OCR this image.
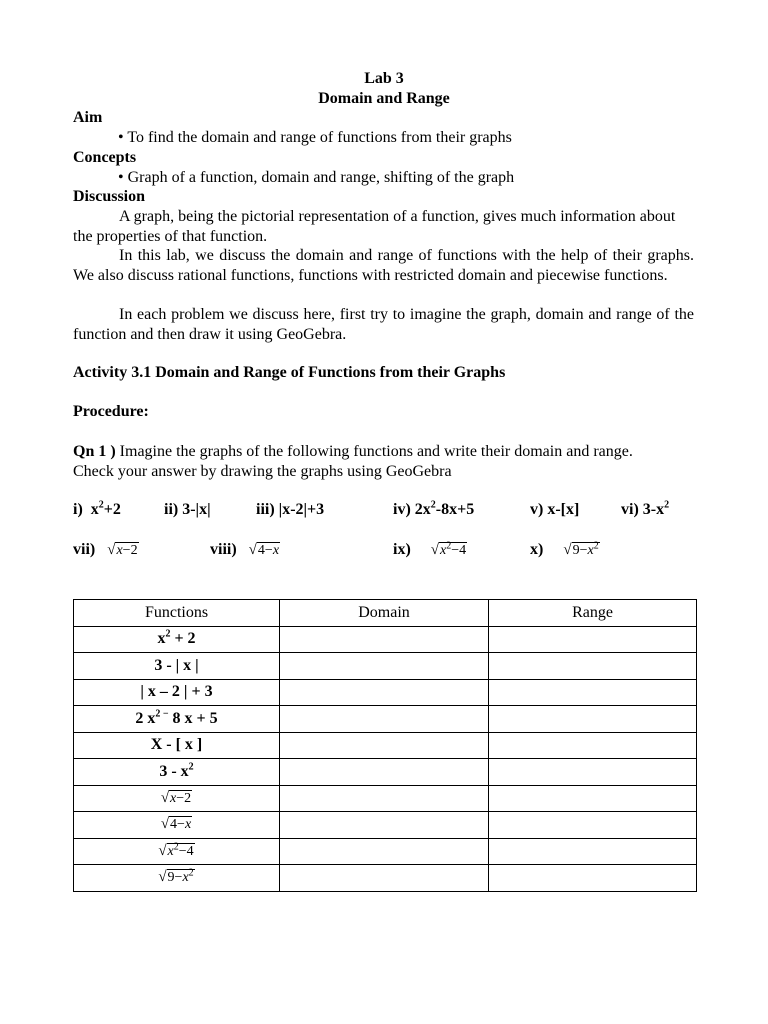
Lab 3
Domain and Range
Aim
• To find the domain and range of functions from their graphs
Concepts
• Graph of a function, domain and range, shifting of the graph
Discussion
A graph, being the pictorial representation of a function, gives much information about the properties of that function.
In this lab, we discuss the domain and range of functions with the help of their graphs. We also discuss rational functions, functions with restricted domain and piecewise functions.
In each problem we discuss here, first try to imagine the graph, domain and range of the function and then draw it using GeoGebra.
Activity 3.1 Domain and Range of Functions from their Graphs
Procedure:
Qn 1 ) Imagine the graphs of the following functions and write their domain and range. Check your answer by drawing the graphs using GeoGebra
i) $x^2+2$	ii) 3-|x|	iii) |x-2|+3	iv) $2x^2-8x+5$	v) x-[x]	vi) $3-x^2$
vii) √x−2	viii) √4−x	ix) $√x^2-4$	x) $√9-x^2$
Functions	Domain	Range
$x^2 + 2$		
3 - | x |		
| x – 2 | + 3		
2 $x^{2 -}$ 8 x + 5		
X - [ x ]		
$3 - x^2$		
√x−2		
√4−x		
$√x^2-4$		
$√9-x^2$		
